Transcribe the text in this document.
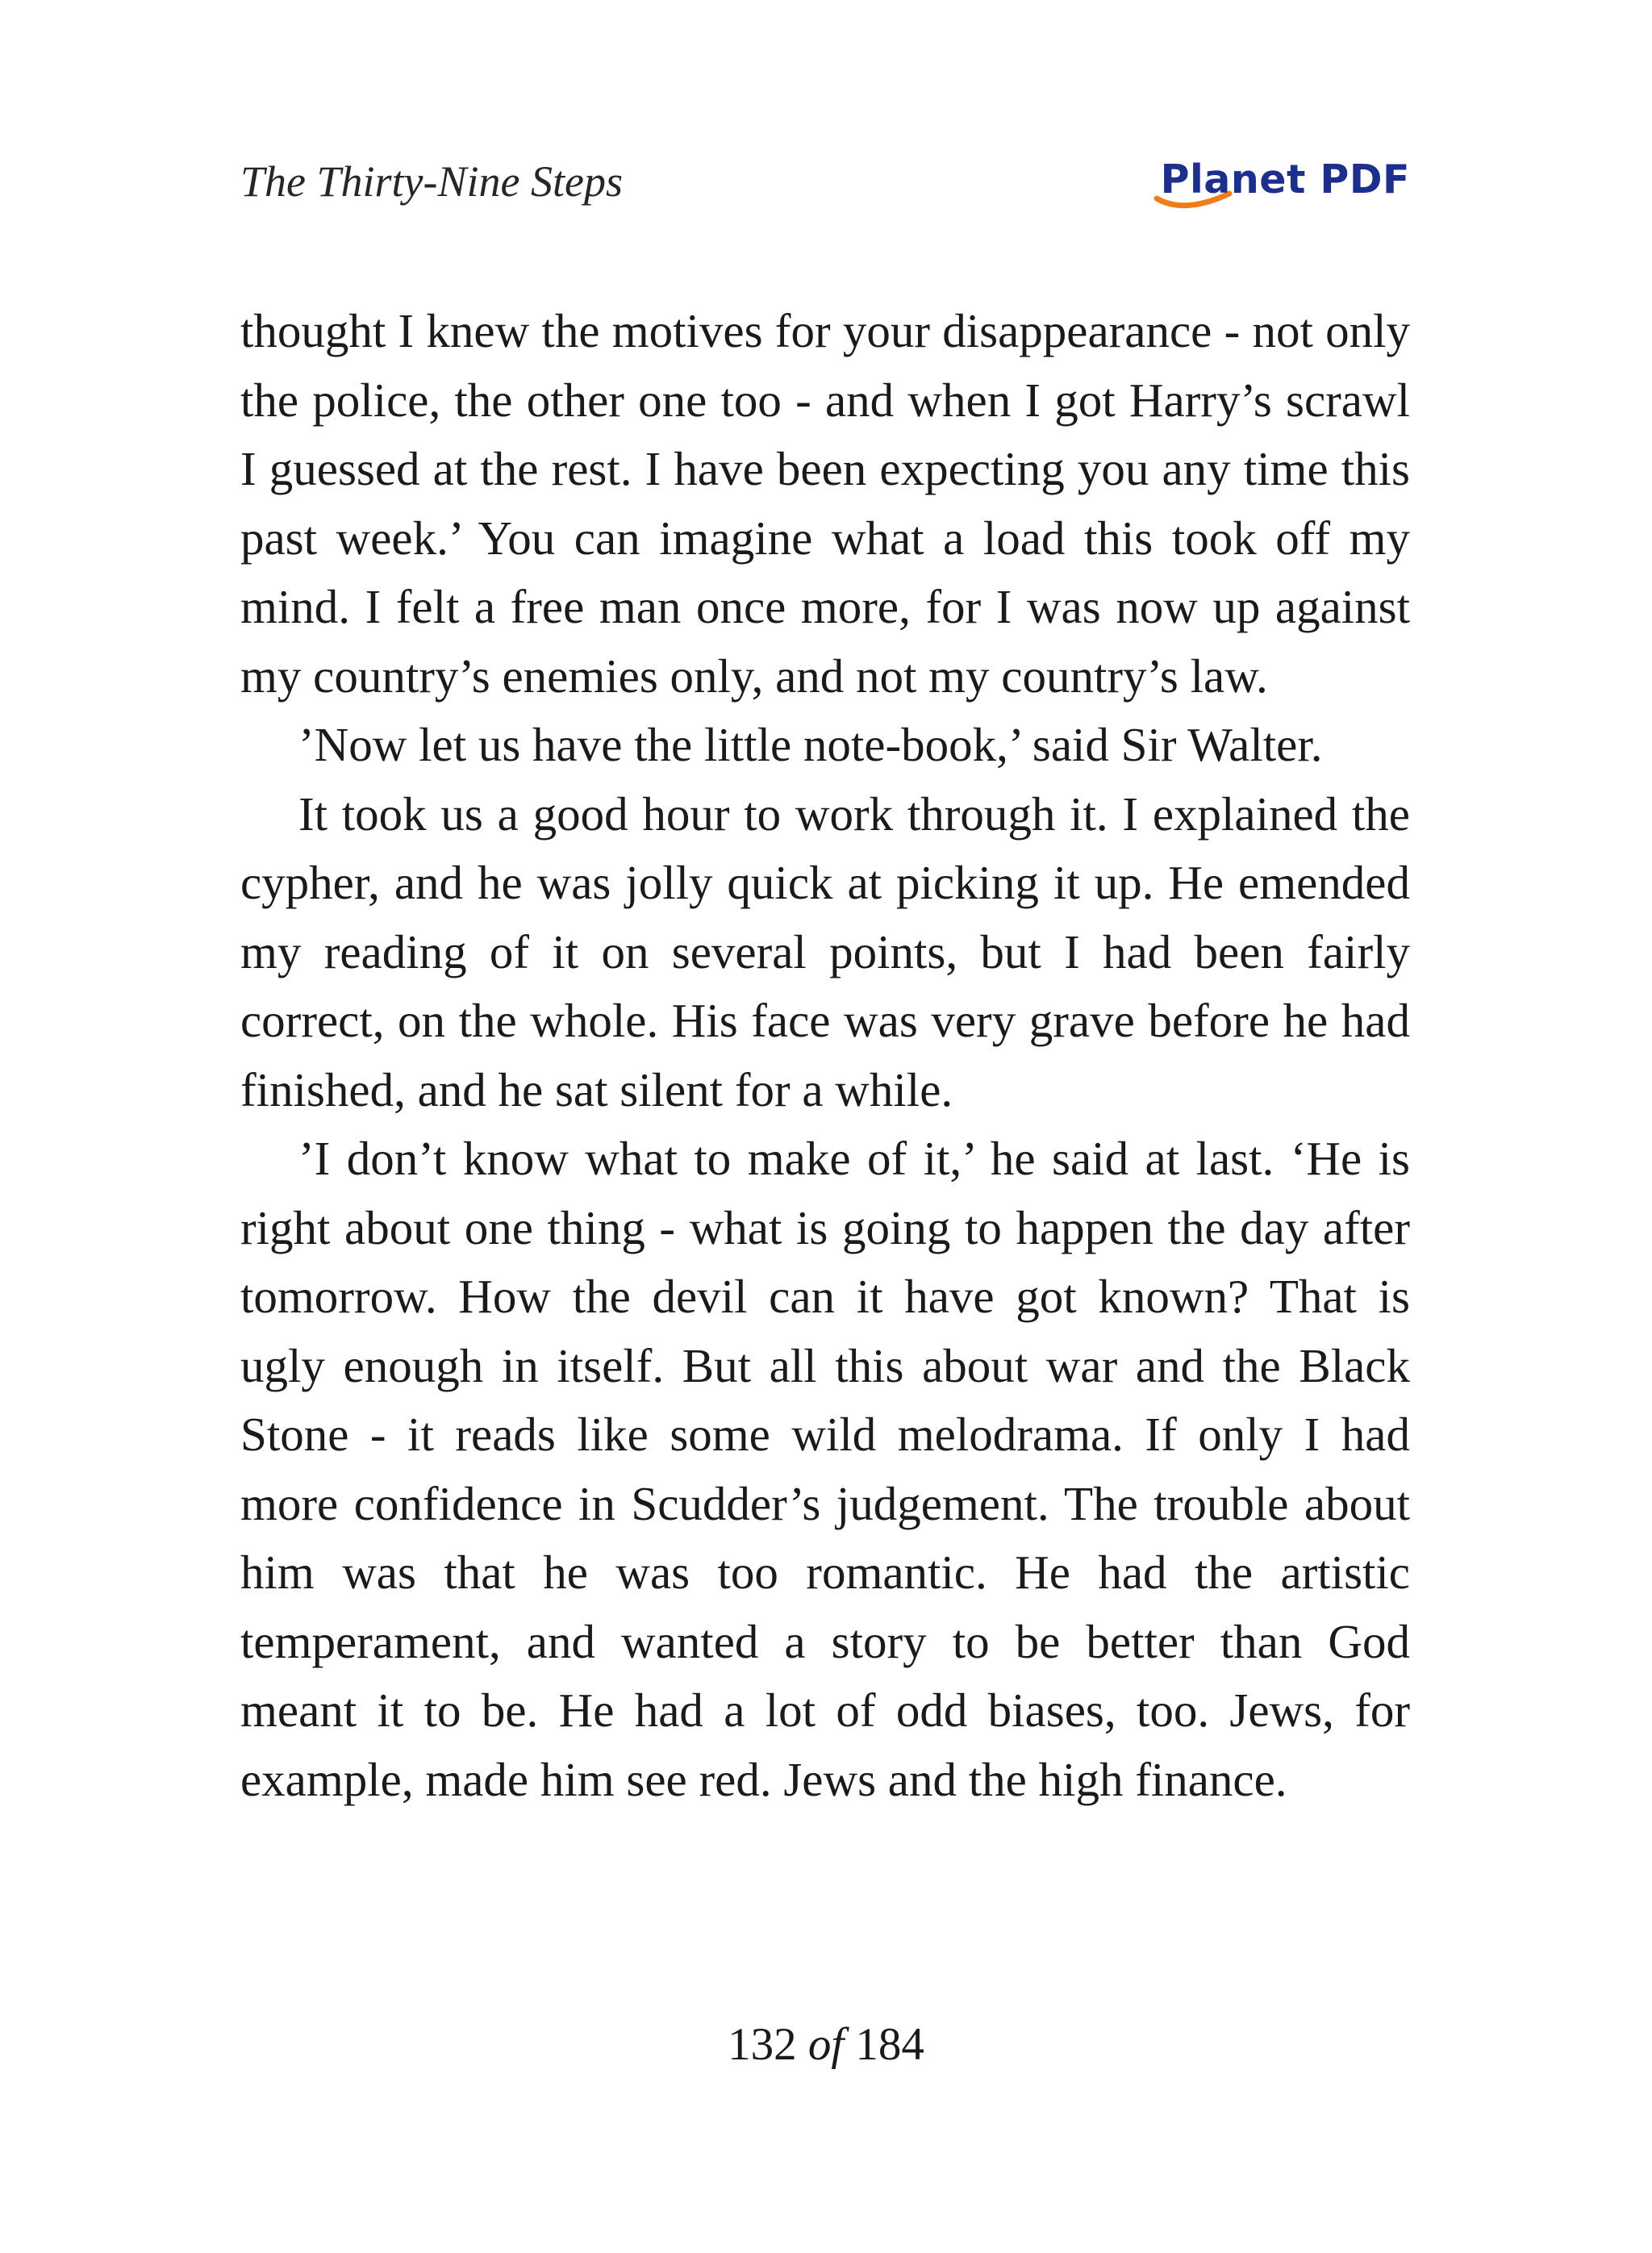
The Thirty-Nine Steps	Planet PDF

thought I knew the motives for your disappearance - not only the police, the other one too - and when I got Harry’s scrawl I guessed at the rest. I have been expecting you any time this past week.’ You can imagine what a load this took off my mind. I felt a free man once more, for I was now up against my country’s enemies only, and not my country’s law.

’Now let us have the little note-book,’ said Sir Walter.

It took us a good hour to work through it. I explained the cypher, and he was jolly quick at picking it up. He emended my reading of it on several points, but I had been fairly correct, on the whole. His face was very grave before he had finished, and he sat silent for a while.

’I don’t know what to make of it,’ he said at last. ‘He is right about one thing - what is going to happen the day after tomorrow. How the devil can it have got known? That is ugly enough in itself. But all this about war and the Black Stone - it reads like some wild melodrama. If only I had more confidence in Scudder’s judgement. The trouble about him was that he was too romantic. He had the artistic temperament, and wanted a story to be better than God meant it to be. He had a lot of odd biases, too. Jews, for example, made him see red. Jews and the high finance.

132 of 184
